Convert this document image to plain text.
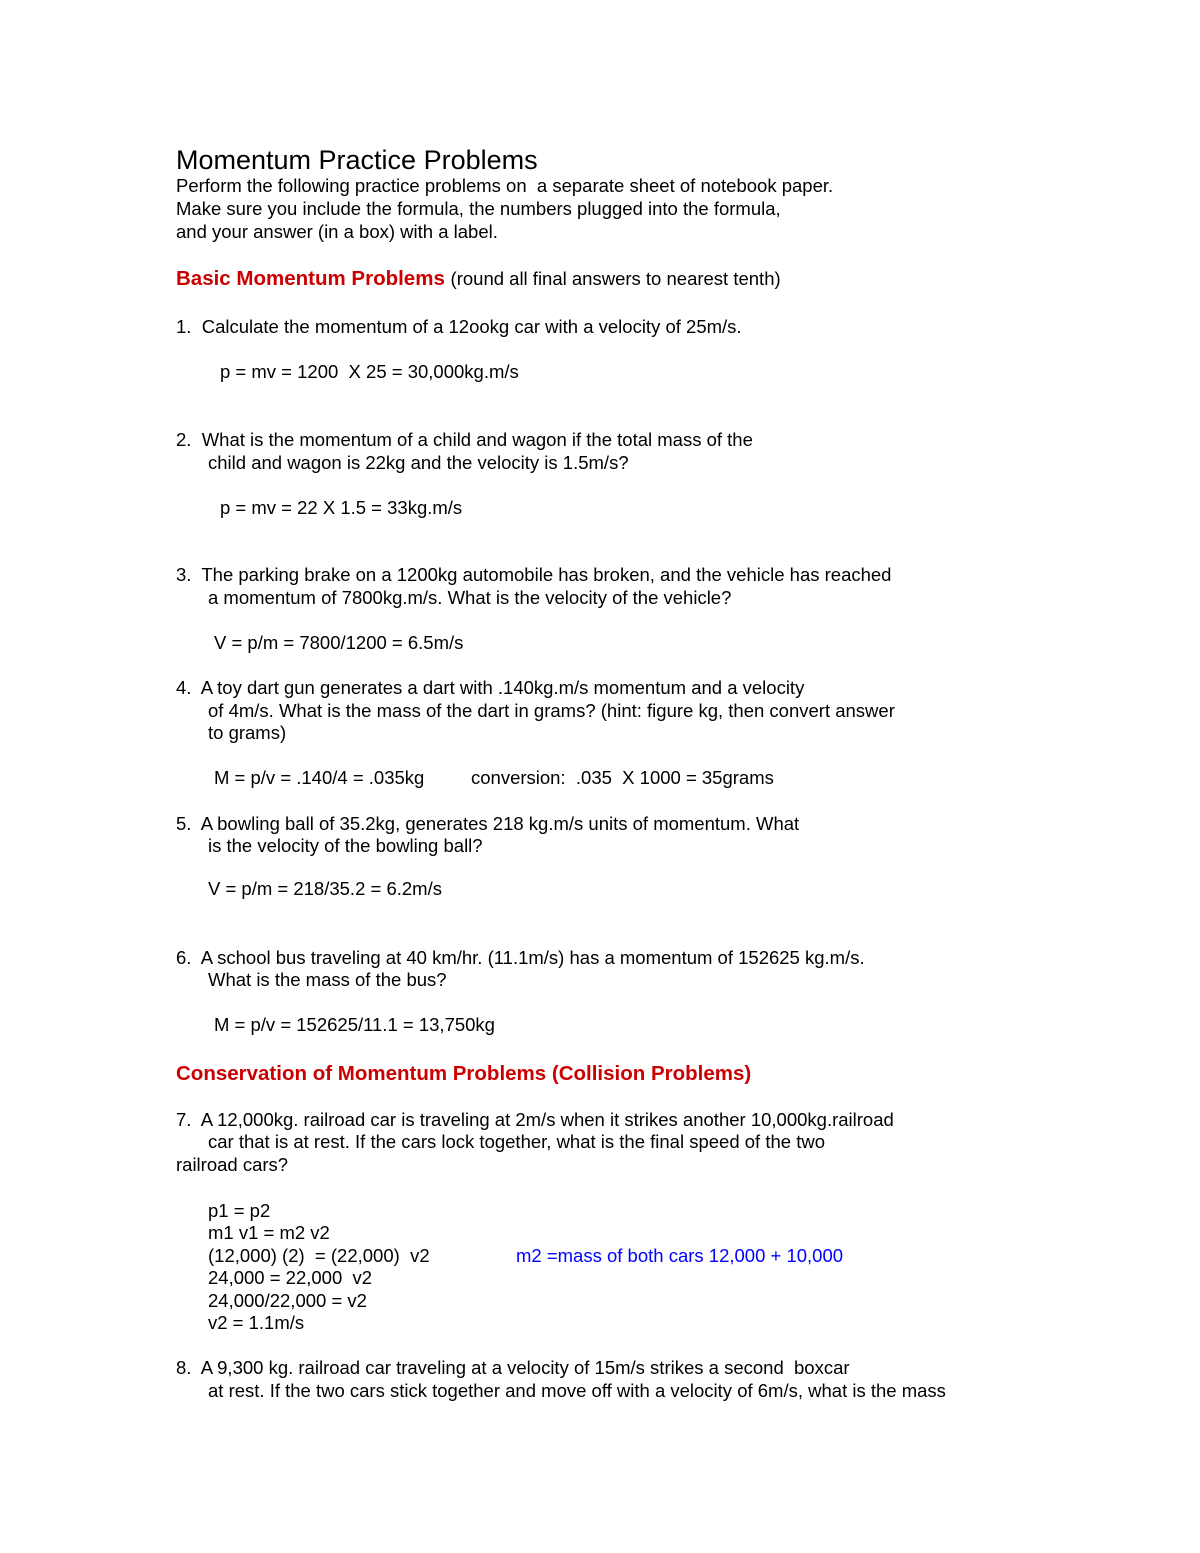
Momentum Practice Problems
Perform the following practice problems on  a separate sheet of notebook paper.
Make sure you include the formula, the numbers plugged into the formula,
and your answer (in a box) with a label.
Basic Momentum Problems (round all final answers to nearest tenth)
1.  Calculate the momentum of a 12ookg car with a velocity of 25m/s.
p = mv = 1200  X 25 = 30,000kg.m/s
2.  What is the momentum of a child and wagon if the total mass of the
child and wagon is 22kg and the velocity is 1.5m/s?
p = mv = 22 X 1.5 = 33kg.m/s
3.  The parking brake on a 1200kg automobile has broken, and the vehicle has reached
a momentum of 7800kg.m/s. What is the velocity of the vehicle?
V = p/m = 7800/1200 = 6.5m/s
4.  A toy dart gun generates a dart with .140kg.m/s momentum and a velocity
of 4m/s. What is the mass of the dart in grams? (hint: figure kg, then convert answer
to grams)
M = p/v = .140/4 = .035kg	conversion:  .035  X 1000 = 35grams
5.  A bowling ball of 35.2kg, generates 218 kg.m/s units of momentum. What
is the velocity of the bowling ball?
V = p/m = 218/35.2 = 6.2m/s
6.  A school bus traveling at 40 km/hr. (11.1m/s) has a momentum of 152625 kg.m/s.
What is the mass of the bus?
M = p/v = 152625/11.1 = 13,750kg
Conservation of Momentum Problems (Collision Problems)
7.  A 12,000kg. railroad car is traveling at 2m/s when it strikes another 10,000kg.railroad
car that is at rest. If the cars lock together, what is the final speed of the two
railroad cars?
p1 = p2
m1 v1 = m2 v2
(12,000) (2)  = (22,000)  v2	m2 =mass of both cars 12,000 + 10,000
24,000 = 22,000  v2
24,000/22,000 = v2
v2 = 1.1m/s
8.  A 9,300 kg. railroad car traveling at a velocity of 15m/s strikes a second  boxcar
at rest. If the two cars stick together and move off with a velocity of 6m/s, what is the mass
